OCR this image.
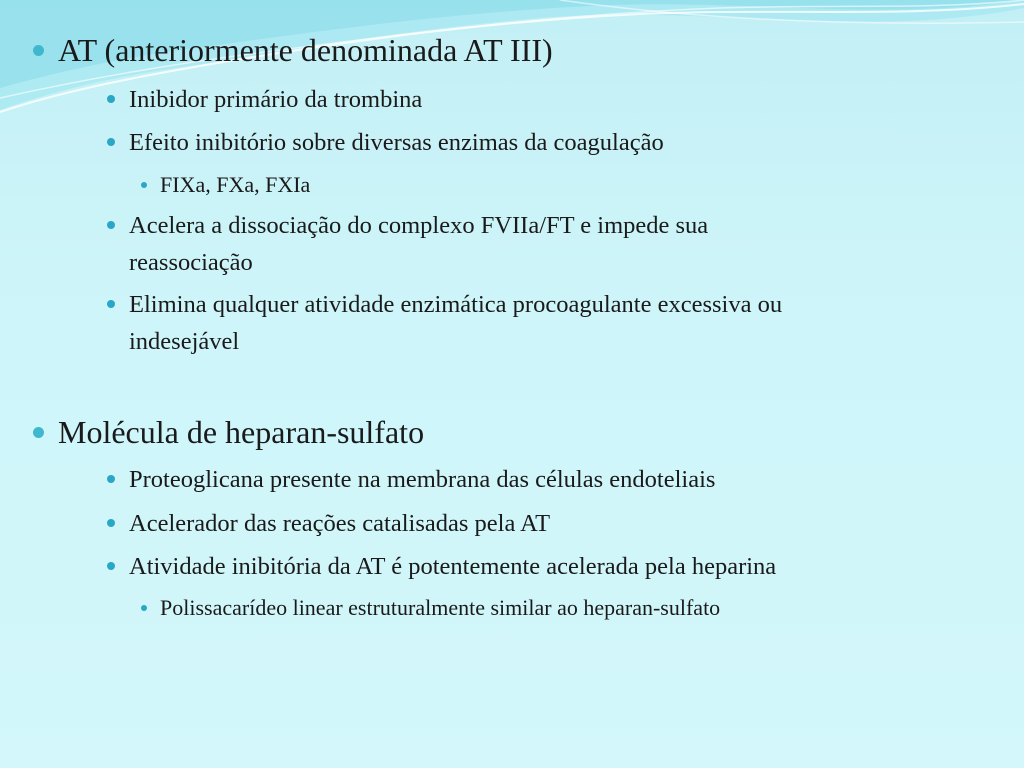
AT (anteriormente denominada AT III)
Inibidor primário da trombina
Efeito inibitório sobre diversas enzimas da coagulação
FIXa, FXa, FXIa
Acelera a dissociação do complexo FVIIa/FT e impede sua
reassociação
Elimina qualquer atividade enzimática procoagulante excessiva ou
indesejável
Molécula de heparan-sulfato
Proteoglicana presente na membrana das células endoteliais
Acelerador das reações catalisadas pela AT
Atividade inibitória da AT é potentemente acelerada pela heparina
Polissacarídeo linear estruturalmente similar ao heparan-sulfato
